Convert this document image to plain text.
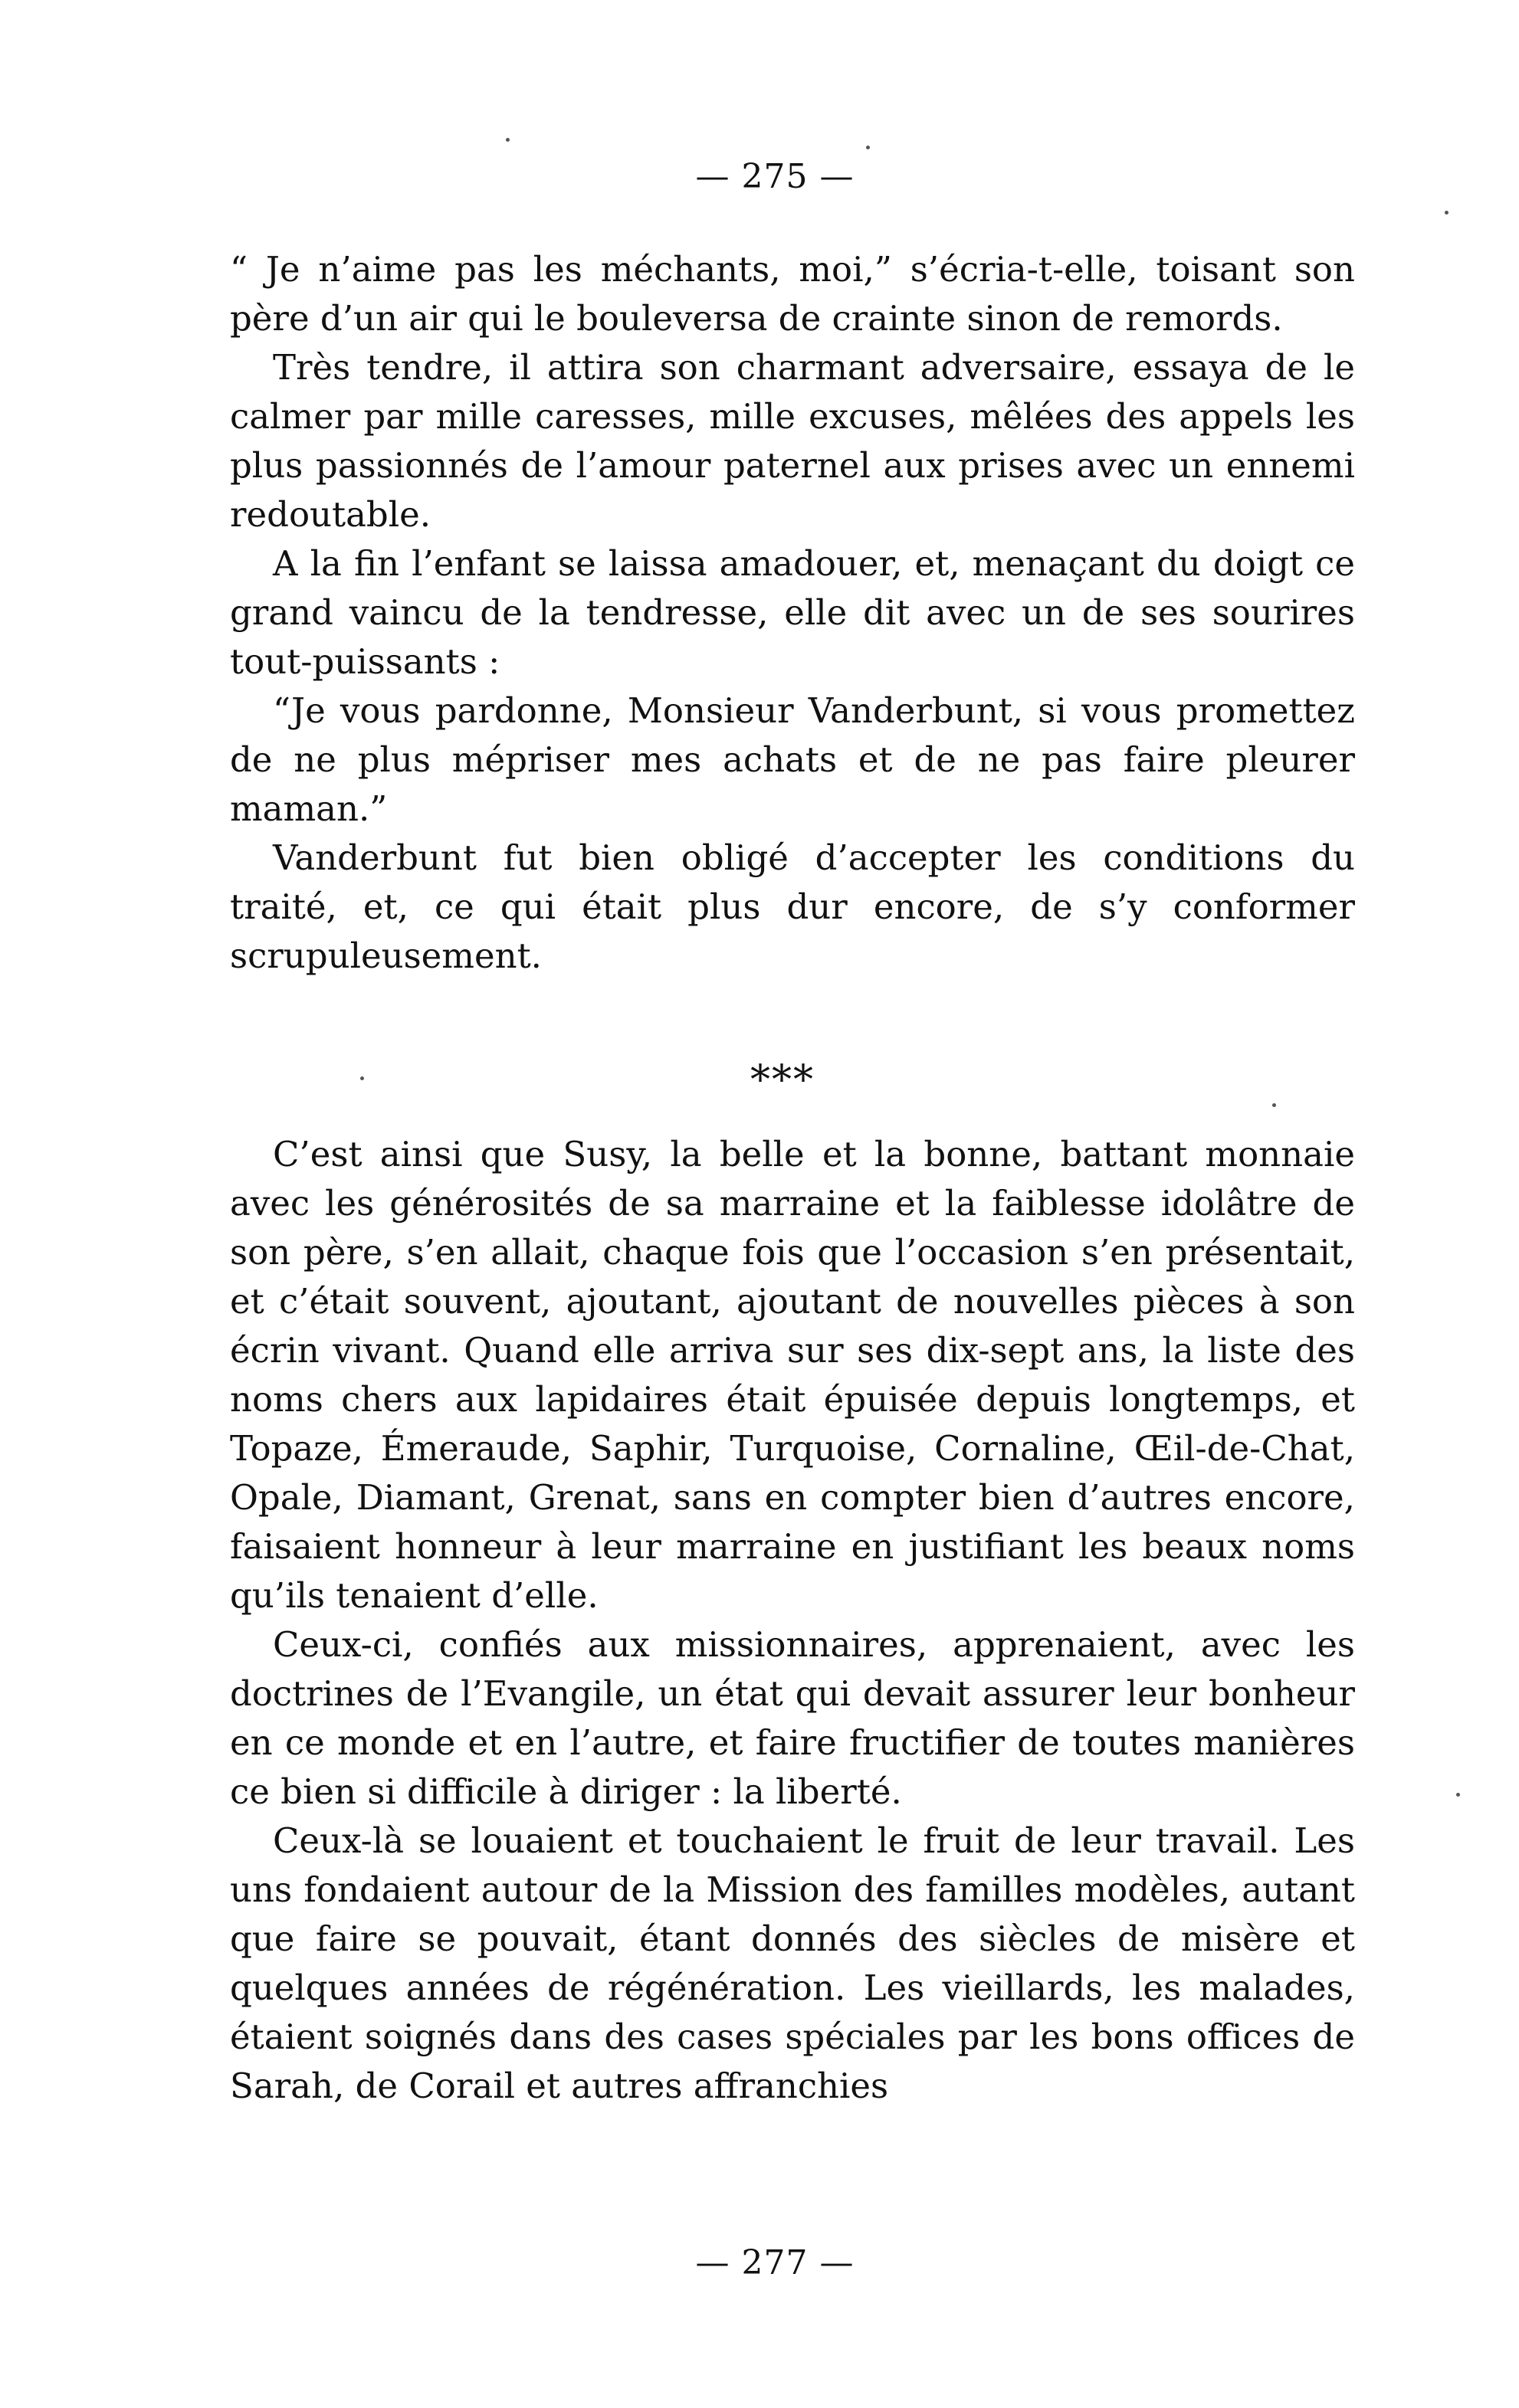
— 275 —

“ Je n’aime pas les méchants, moi,” s’écria-t-elle, toisant son père d’un air qui le bouleversa de crainte sinon de remords.

Très tendre, il attira son charmant adversaire, essaya de le calmer par mille caresses, mille excuses, mêlées des appels les plus passionnés de l’amour paternel aux prises avec un ennemi redoutable.

A la fin l’enfant se laissa amadouer, et, menaçant du doigt ce grand vaincu de la tendresse, elle dit avec un de ses sourires tout-puissants :

“Je vous pardonne, Monsieur Vanderbunt, si vous promettez de ne plus mépriser mes achats et de ne pas faire pleurer maman.”

Vanderbunt fut bien obligé d’accepter les conditions du traité, et, ce qui était plus dur encore, de s’y conformer scrupuleusement.

***

C’est ainsi que Susy, la belle et la bonne, battant monnaie avec les générosités de sa marraine et la faiblesse idolâtre de son père, s’en allait, chaque fois que l’occasion s’en présentait, et c’était souvent, ajoutant, ajoutant de nouvelles pièces à son écrin vivant. Quand elle arriva sur ses dix-sept ans, la liste des noms chers aux lapidaires était épuisée depuis longtemps, et Topaze, Émeraude, Saphir, Turquoise, Cornaline, Œil-de-Chat, Opale, Diamant, Grenat, sans en compter bien d’autres encore, faisaient honneur à leur marraine en justifiant les beaux noms qu’ils tenaient d’elle.

Ceux-ci, confiés aux missionnaires, apprenaient, avec les doctrines de l’Evangile, un état qui devait assurer leur bonheur en ce monde et en l’autre, et faire fructifier de toutes manières ce bien si difficile à diriger : la liberté.

Ceux-là se louaient et touchaient le fruit de leur travail. Les uns fondaient autour de la Mission des familles modèles, autant que faire se pouvait, étant donnés des siècles de misère et quelques années de régénération. Les vieillards, les malades, étaient soignés dans des cases spéciales par les bons offices de Sarah, de Corail et autres affranchies

— 277 —
